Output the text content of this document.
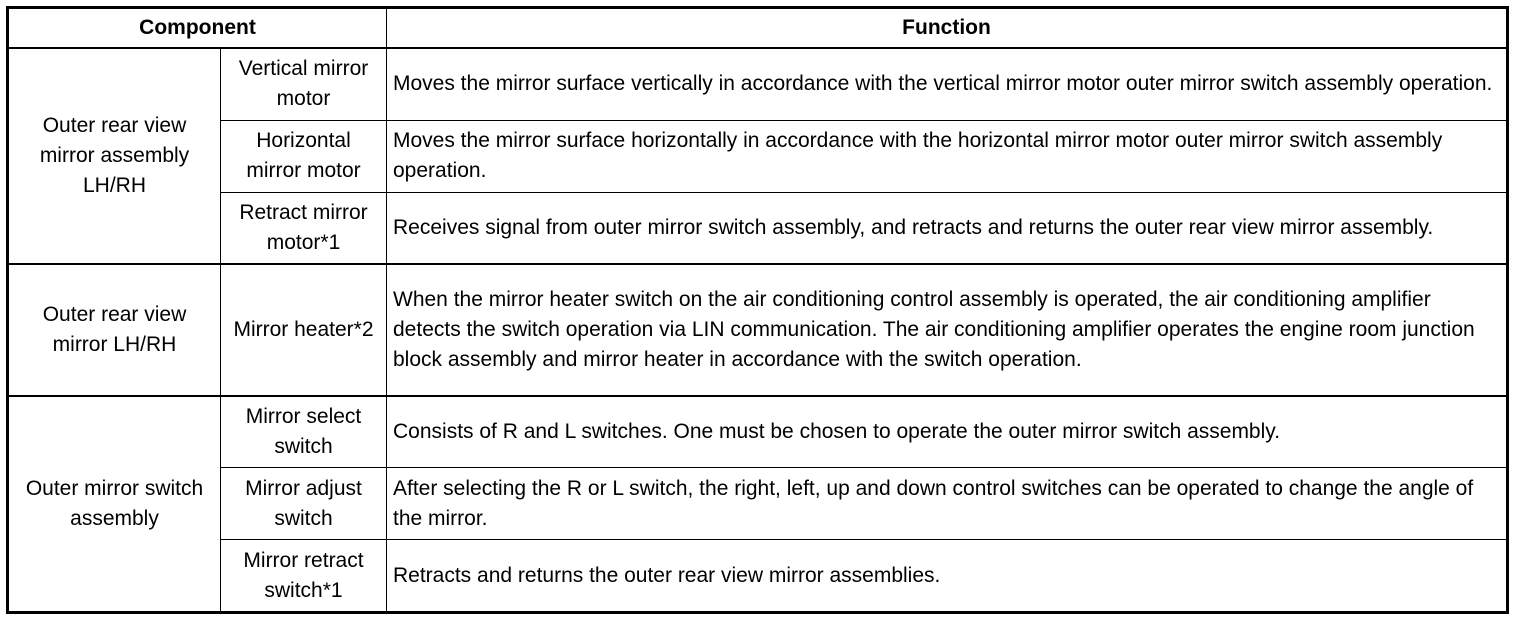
Component		Function
Outer rear view mirror assembly LH/RH	Vertical mirror motor	Moves the mirror surface vertically in accordance with the vertical mirror motor outer mirror switch assembly operation.
	Horizontal mirror motor	Moves the mirror surface horizontally in accordance with the horizontal mirror motor outer mirror switch assembly operation.
	Retract mirror motor*1	Receives signal from outer mirror switch assembly, and retracts and returns the outer rear view mirror assembly.
Outer rear view mirror LH/RH	Mirror heater*2	When the mirror heater switch on the air conditioning control assembly is operated, the air conditioning amplifier detects the switch operation via LIN communication. The air conditioning amplifier operates the engine room junction block assembly and mirror heater in accordance with the switch operation.
Outer mirror switch assembly	Mirror select switch	Consists of R and L switches. One must be chosen to operate the outer mirror switch assembly.
	Mirror adjust switch	After selecting the R or L switch, the right, left, up and down control switches can be operated to change the angle of the mirror.
	Mirror retract switch*1	Retracts and returns the outer rear view mirror assemblies.
